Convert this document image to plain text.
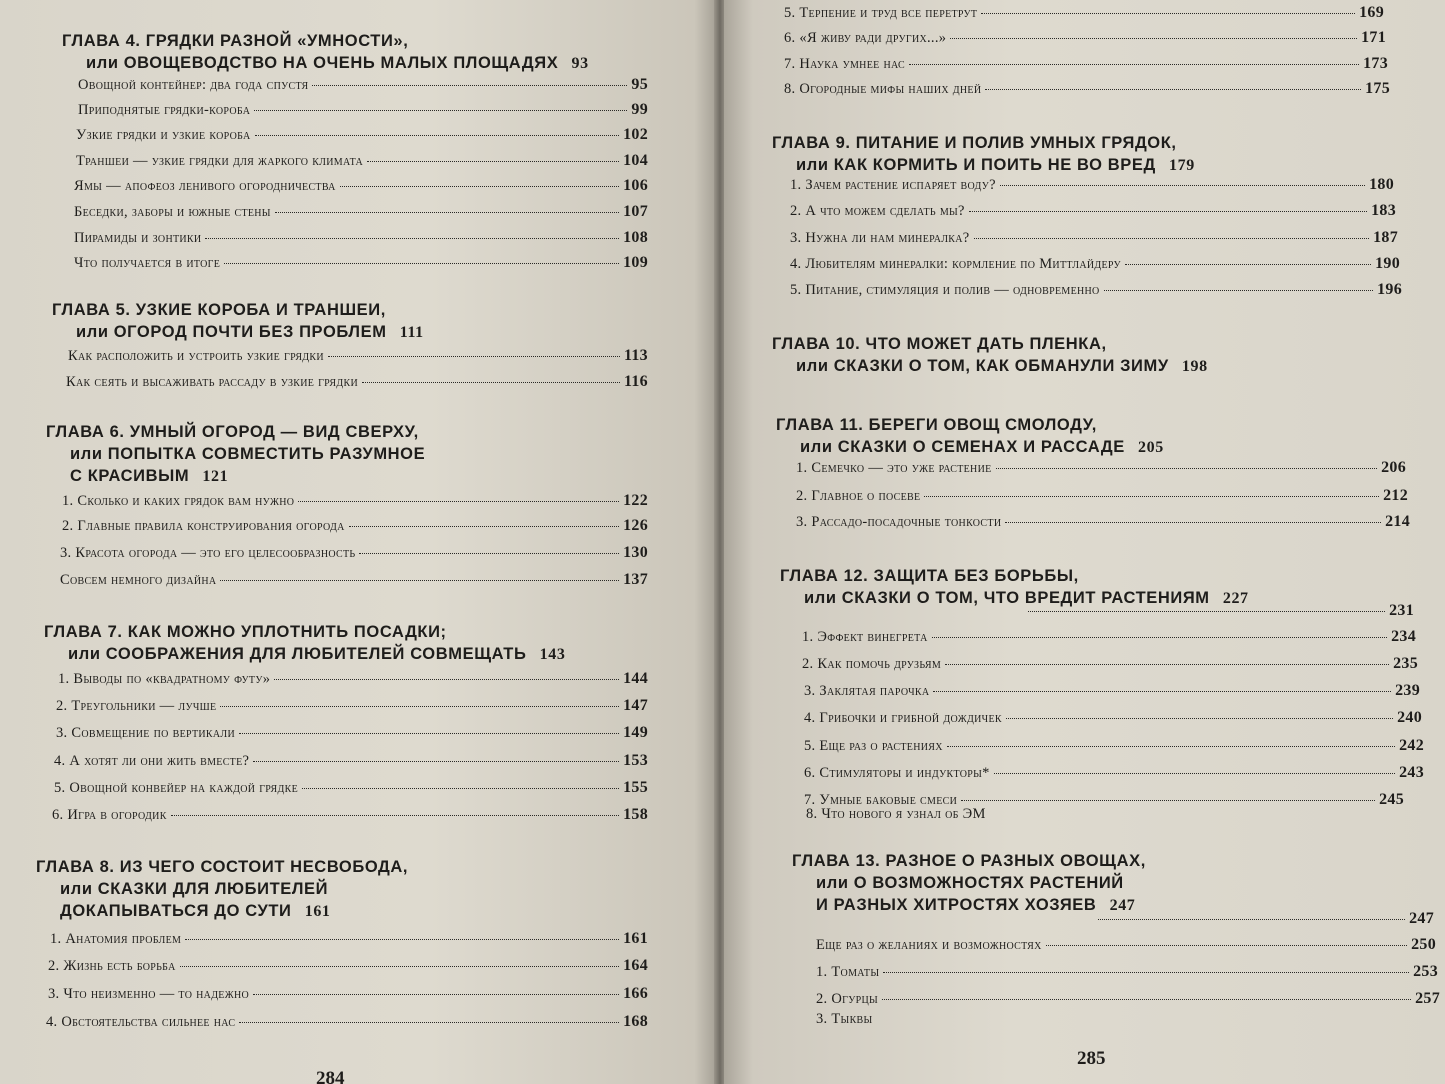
ГЛАВА 4. ГРЯДКИ РАЗНОЙ «УМНОСТИ»,
или ОВОЩЕВОДСТВО НА ОЧЕНЬ МАЛЫХ ПЛОЩАДЯХ 93
Овощной контейнер: два года спустя	95
Приподнятые грядки-короба	99
Узкие грядки и узкие короба	102
Траншеи — узкие грядки для жаркого климата	104
Ямы — апофеоз ленивого огородничества	106
Беседки, заборы и южные стены	107
Пирамиды и зонтики	108
Что получается в итоге	109
ГЛАВА 5. УЗКИЕ КОРОБА И ТРАНШЕИ,
или ОГОРОД ПОЧТИ БЕЗ ПРОБЛЕМ 111
Как расположить и устроить узкие грядки	113
Как сеять и высаживать рассаду в узкие грядки	116
ГЛАВА 6. УМНЫЙ ОГОРОД — ВИД СВЕРХУ,
или ПОПЫТКА СОВМЕСТИТЬ РАЗУМНОЕ
С КРАСИВЫМ 121
1. Сколько и каких грядок вам нужно	122
2. Главные правила конструирования огорода	126
3. Красота огорода — это его целесообразность	130
Совсем немного дизайна	137
ГЛАВА 7. КАК МОЖНО УПЛОТНИТЬ ПОСАДКИ;
или СООБРАЖЕНИЯ ДЛЯ ЛЮБИТЕЛЕЙ СОВМЕЩАТЬ 143
1. Выводы по «квадратному футу»	144
2. Треугольники — лучше	147
3. Совмещение по вертикали	149
4. А хотят ли они жить вместе?	153
5. Овощной конвейер на каждой грядке	155
6. Игра в огородик	158
ГЛАВА 8. ИЗ ЧЕГО СОСТОИТ НЕСВОБОДА,
или СКАЗКИ ДЛЯ ЛЮБИТЕЛЕЙ
ДОКАПЫВАТЬСЯ ДО СУТИ 161
1. Анатомия проблем	161
2. Жизнь есть борьба	164
3. Что неизменно — то надежно	166
4. Обстоятельства сильнее нас	168
284
5. Терпение и труд все перетрут	169
6. «Я живу ради других...»	171
7. Наука умнее нас	173
8. Огородные мифы наших дней	175
ГЛАВА 9. ПИТАНИЕ И ПОЛИВ УМНЫХ ГРЯДОК,
или КАК КОРМИТЬ И ПОИТЬ НЕ ВО ВРЕД 179
1. Зачем растение испаряет воду?	180
2. А что можем сделать мы?	183
3. Нужна ли нам минералка?	187
4. Любителям минералки: кормление по Миттлайдеру	190
5. Питание, стимуляция и полив — одновременно	196
ГЛАВА 10. ЧТО МОЖЕТ ДАТЬ ПЛЕНКА,
или СКАЗКИ О ТОМ, КАК ОБМАНУЛИ ЗИМУ 198
ГЛАВА 11. БЕРЕГИ ОВОЩ СМОЛОДУ,
или СКАЗКИ О СЕМЕНАХ И РАССАДЕ 205
1. Семечко — это уже растение	206
2. Главное о посеве	212
3. Рассадо-посадочные тонкости	214
ГЛАВА 12. ЗАЩИТА БЕЗ БОРЬБЫ,
или СКАЗКИ О ТОМ, ЧТО ВРЕДИТ РАСТЕНИЯМ 227
231
1. Эффект винегрета	234
2. Как помочь друзьям	235
3. Заклятая парочка	239
4. Грибочки и грибной дождичек	240
5. Еще раз о растениях	242
6. Стимуляторы и индукторы*	243
7. Умные баковые смеси	245
8. Что нового я узнал об ЭМ
ГЛАВА 13. РАЗНОЕ О РАЗНЫХ ОВОЩАХ,
или О ВОЗМОЖНОСТЯХ РАСТЕНИЙ
И РАЗНЫХ ХИТРОСТЯХ ХОЗЯЕВ 247
247
Еще раз о желаниях и возможностях	250
1. Томаты	253
2. Огурцы	257
3. Тыквы
285
